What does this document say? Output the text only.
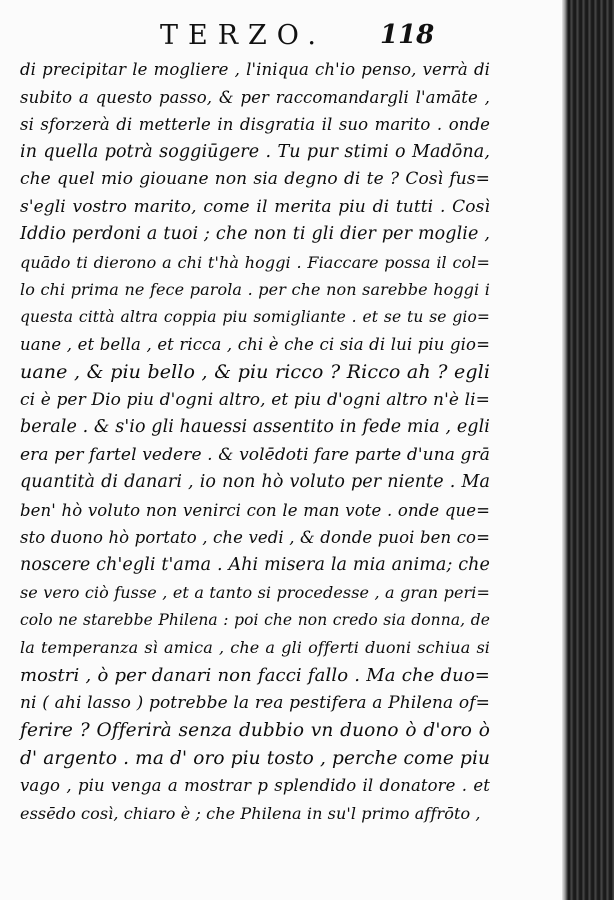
TERZO. 118
di precipitar le mogliere , l'iniqua ch'io penso, verrà di
subito a questo passo, & per raccomandargli l'amāte ,
si sforzerà di metterle in disgratia il suo marito . onde
in quella potrà soggiūgere . Tu pur stimi o Madōna,
che quel mio giouane non sia degno di te ? Così fus=
s'egli vostro marito, come il merita piu di tutti . Così
Iddio perdoni a tuoi ; che non ti gli dier per moglie ,
quādo ti dierono a chi t'hà hoggi . Fiaccare possa il col=
lo chi prima ne fece parola . per che non sarebbe hoggi i
questa città altra coppia piu somigliante . et se tu se gio=
uane , et bella , et ricca , chi è che ci sia di lui piu gio=
uane , & piu bello , & piu ricco ? Ricco ah ? egli
ci è per Dio piu d'ogni altro, et piu d'ogni altro n'è li=
berale . & s'io gli hauessi assentito in fede mia , egli
era per fartel vedere . & volēdoti fare parte d'una grā
quantità di danari , io non hò voluto per niente . Ma
ben' hò voluto non venirci con le man vote . onde que=
sto duono hò portato , che vedi , & donde puoi ben co=
noscere ch'egli t'ama . Ahi misera la mia anima; che
se vero ciò fusse , et a tanto si procedesse , a gran peri=
colo ne starebbe Philena : poi che non credo sia donna, de
la temperanza sì amica , che a gli offerti duoni schiua si
mostri , ò per danari non facci fallo . Ma che duo=
ni ( ahi lasso ) potrebbe la rea pestifera a Philena of=
ferire ? Offerirà senza dubbio vn duono ò d'oro ò
d' argento . ma d' oro piu tosto , perche come piu
vago , piu venga a mostrar p splendido il donatore . et
essēdo così, chiaro è ; che Philena in su'l primo affrōto ,
